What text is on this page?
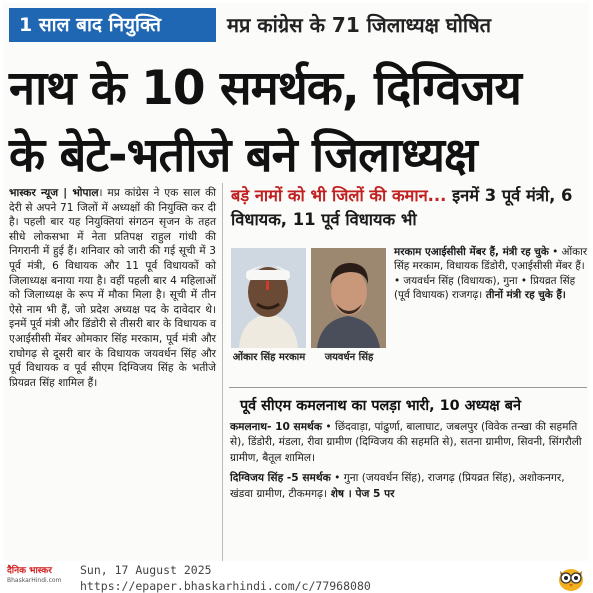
1 साल बाद नियुक्ति	मप्र कांग्रेस के 71 जिलाध्यक्ष घोषित
नाथ के 10 समर्थक, दिग्विजय
के बेटे-भतीजे बने जिलाध्यक्ष
भास्कर न्यूज | भोपाल। मप्र कांग्रेस ने एक साल की देरी से अपने 71 जिलों में अध्यक्षों की नियुक्ति कर दी है। पहली बार यह नियुक्तियां संगठन सृजन के तहत सीधे लोकसभा में नेता प्रतिपक्ष राहुल गांधी की निगरानी में हुई हैं। शनिवार को जारी की गई सूची में 3 पूर्व मंत्री, 6 विधायक और 11 पूर्व विधायकों को जिलाध्यक्ष बनाया गया है। वहीं पहली बार 4 महिलाओं को जिलाध्यक्ष के रूप में मौका मिला है। सूची में तीन ऐसे नाम भी हैं, जो प्रदेश अध्यक्ष पद के दावेदार थे। इनमें पूर्व मंत्री और डिंडोरी से तीसरी बार के विधायक व एआईसीसी मेंबर ओमकार सिंह मरकाम, पूर्व मंत्री और राघोगढ़ से दूसरी बार के विधायक जयवर्धन सिंह और पूर्व विधायक व पूर्व सीएम दिग्विजय सिंह के भतीजे प्रियव्रत सिंह शामिल हैं।
बड़े नामों को भी जिलों की कमान... इनमें 3 पूर्व मंत्री, 6 विधायक, 11 पूर्व विधायक भी
ओंकार सिंह मरकाम	जयवर्धन सिंह
मरकाम एआईसीसी मेंबर हैं, मंत्री रह चुके • ओंकार सिंह मरकाम, विधायक डिंडोरी, एआईसीसी मेंबर हैं। • जयवर्धन सिंह (विधायक), गुना • प्रियव्रत सिंह (पूर्व विधायक) राजगढ़। तीनों मंत्री रह चुके हैं।
पूर्व सीएम कमलनाथ का पलड़ा भारी, 10 अध्यक्ष बने

कमलनाथ- 10 समर्थक • छिंदवाड़ा, पांढुर्णा, बालाघाट, जबलपुर (विवेक तन्खा की सहमति से), डिंडोरी, मंडला, रीवा ग्रामीण (दिग्विजय की सहमति से), सतना ग्रामीण, सिवनी, सिंगरौली ग्रामीण, बैतूल शामिल।

दिग्विजय सिंह -5 समर्थक • गुना (जयवर्धन सिंह), राजगढ़ (प्रियव्रत सिंह), अशोकनगर, खंडवा ग्रामीण, टीकमगढ़। शेष । पेज 5 पर

दैनिक भास्कर
BhaskarHindi.com
Sun, 17 August 2025
https://epaper.bhaskarhindi.com/c/77968080
